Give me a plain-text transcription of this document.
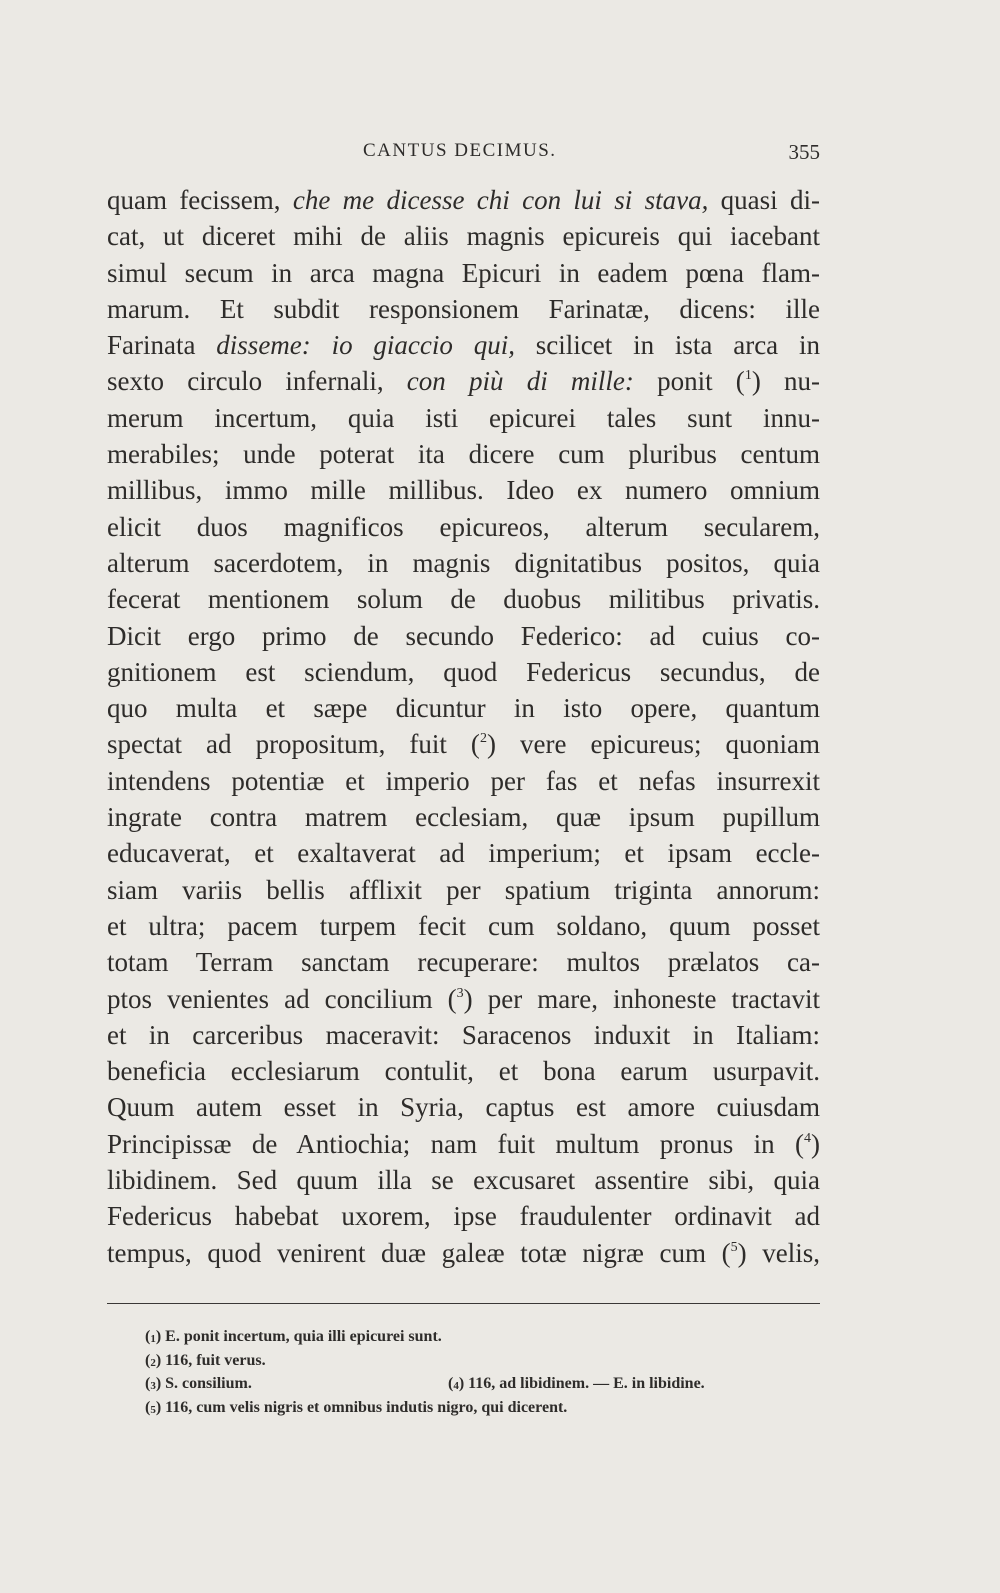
CANTUS DECIMUS.	355
quam fecissem, che me dicesse chi con lui si stava, quasi di-
cat, ut diceret mihi de aliis magnis epicureis qui iacebant
simul secum in arca magna Epicuri in eadem pœna flam-
marum. Et subdit responsionem Farinatæ, dicens: ille
Farinata disseme: io giaccio qui, scilicet in ista arca in
sexto circulo infernali, con più di mille: ponit ($^1$) nu-
merum incertum, quia isti epicurei tales sunt innu-
merabiles; unde poterat ita dicere cum pluribus centum
millibus, immo mille millibus. Ideo ex numero omnium
elicit duos magnificos epicureos, alterum secularem,
alterum sacerdotem, in magnis dignitatibus positos, quia
fecerat mentionem solum de duobus militibus privatis.
Dicit ergo primo de secundo Federico: ad cuius co-
gnitionem est sciendum, quod Federicus secundus, de
quo multa et sæpe dicuntur in isto opere, quantum
spectat ad propositum, fuit ($^2$) vere epicureus; quoniam
intendens potentiæ et imperio per fas et nefas insurrexit
ingrate contra matrem ecclesiam, quæ ipsum pupillum
educaverat, et exaltaverat ad imperium; et ipsam eccle-
siam variis bellis afflixit per spatium triginta annorum:
et ultra; pacem turpem fecit cum soldano, quum posset
totam Terram sanctam recuperare: multos prælatos ca-
ptos venientes ad concilium ($^3$) per mare, inhoneste tractavit
et in carceribus maceravit: Saracenos induxit in Italiam:
beneficia ecclesiarum contulit, et bona earum usurpavit.
Quum autem esset in Syria, captus est amore cuiusdam
Principissæ de Antiochia; nam fuit multum pronus in ($^4$)
libidinem. Sed quum illa se excusaret assentire sibi, quia
Federicus habebat uxorem, ipse fraudulenter ordinavit ad
tempus, quod venirent duæ galeæ totæ nigræ cum ($^5$) velis,
($^1$) E. ponit incertum, quia illi epicurei sunt.
($^2$) 116, fuit verus.
($^3$) S. consilium.	($^4$) 116, ad libidinem. — E. in libidine.
($^5$) 116, cum velis nigris et omnibus indutis nigro, qui dicerent.
